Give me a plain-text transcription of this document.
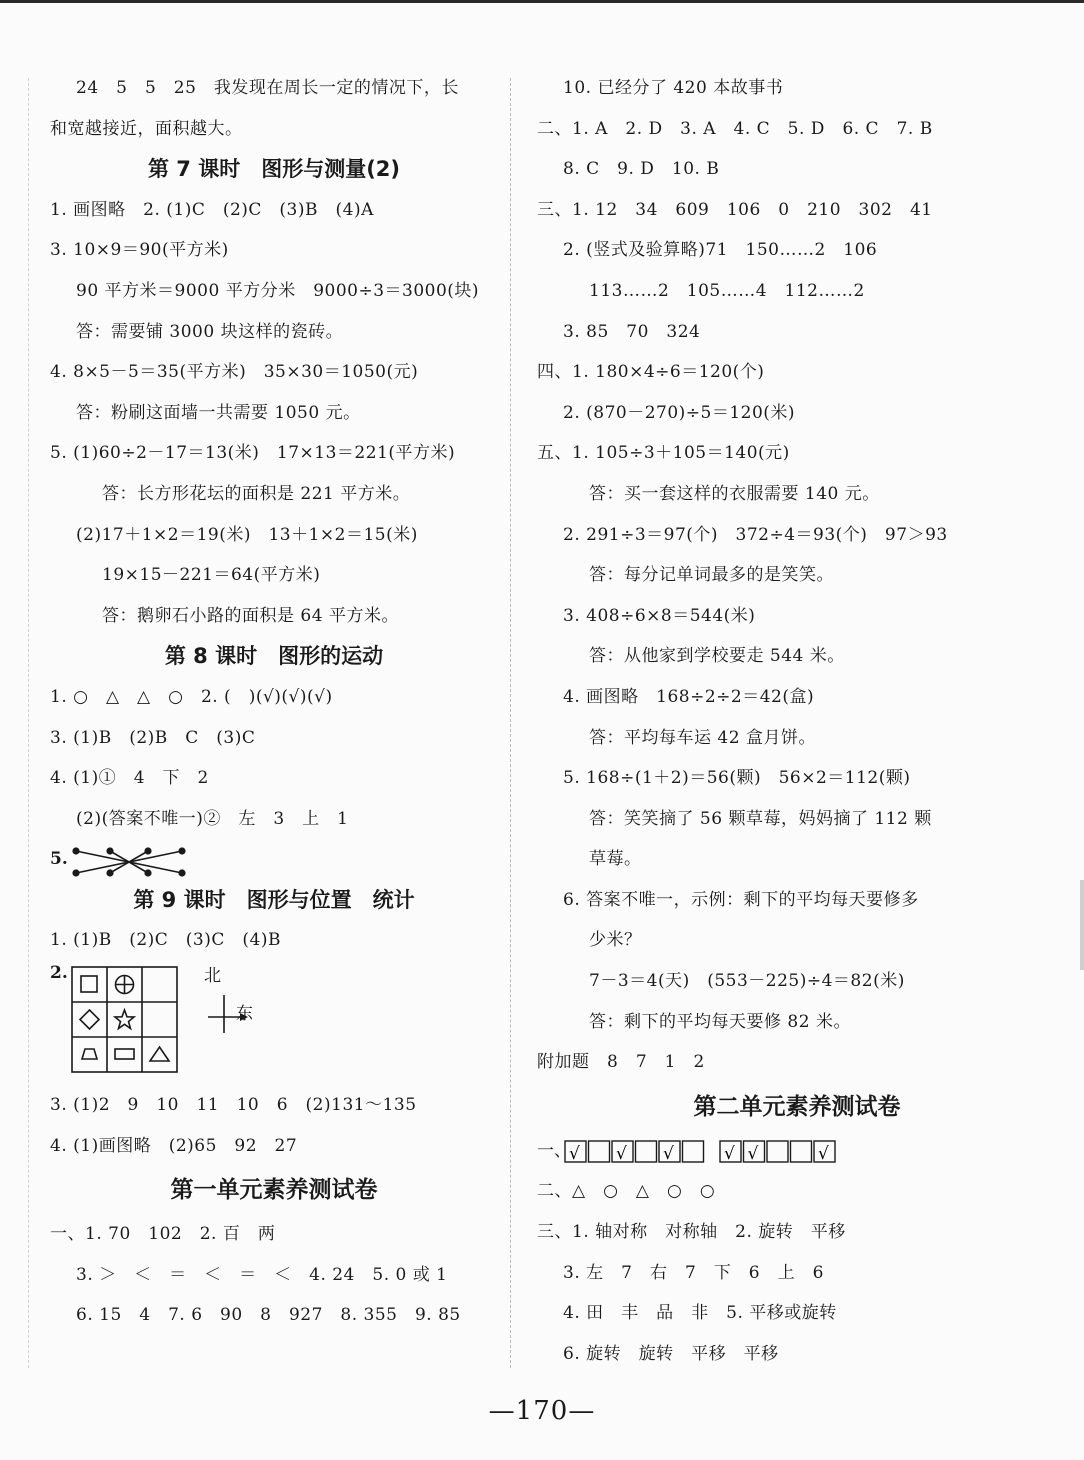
24　5　5　25　我发现在周长一定的情况下，长
和宽越接近，面积越大。
第 7 课时　图形与测量(2)
1. 画图略　2. (1)C　(2)C　(3)B　(4)A
3. 10×9＝90(平方米)
90 平方米＝9000 平方分米　9000÷3＝3000(块)
答：需要铺 3000 块这样的瓷砖。
4. 8×5－5＝35(平方米)　35×30＝1050(元)
答：粉刷这面墙一共需要 1050 元。
5. (1)60÷2－17＝13(米)　17×13＝221(平方米)
答：长方形花坛的面积是 221 平方米。
(2)17＋1×2＝19(米)　13＋1×2＝15(米)
19×15－221＝64(平方米)
答：鹅卵石小路的面积是 64 平方米。
第 8 课时　图形的运动
1. ○　△　△　○　2. (　)(√)(√)(√)
3. (1)B　(2)B　C　(3)C
4. (1)①　4　下　2
(2)(答案不唯一)②　左　3　上　1
5.
第 9 课时　图形与位置　统计
1. (1)B　(2)C　(3)C　(4)B
2.	北
东
3. (1)2　9　10　11　10　6　(2)131～135
4. (1)画图略　(2)65　92　27
第一单元素养测试卷
一、1. 70　102　2. 百　两
3. ＞　＜　＝　＜　＝　＜　4. 24　5. 0 或 1
6. 15　4　7. 6　90　8　927　8. 355　9. 85
10. 已经分了 420 本故事书
二、1. A　2. D　3. A　4. C　5. D　6. C　7. B
8. C　9. D　10. B
三、1. 12　34　609　106　0　210　302　41
2. (竖式及验算略)71　150……2　106
113……2　105……4　112……2
3. 85　70　324
四、1. 180×4÷6＝120(个)
2. (870－270)÷5＝120(米)
五、1. 105÷3＋105＝140(元)
答：买一套这样的衣服需要 140 元。
2. 291÷3＝97(个)　372÷4＝93(个)　97＞93
答：每分记单词最多的是笑笑。
3. 408÷6×8＝544(米)
答：从他家到学校要走 544 米。
4. 画图略　168÷2÷2＝42(盒)
答：平均每车运 42 盒月饼。
5. 168÷(1＋2)＝56(颗)　56×2＝112(颗)
答：笑笑摘了 56 颗草莓，妈妈摘了 112 颗
草莓。
6. 答案不唯一，示例：剩下的平均每天要修多
少米？
7－3＝4(天)　(553－225)÷4＝82(米)
答：剩下的平均每天要修 82 米。
附加题　8　7　1　2
第二单元素养测试卷
一、
√ √ √	√ √	√
二、△　○　△　○　○
三、1. 轴对称　对称轴　2. 旋转　平移
3. 左　7　右　7　下　6　上　6
4. 田　丰　品　非　5. 平移或旋转
6. 旋转　旋转　平移　平移
—170—
